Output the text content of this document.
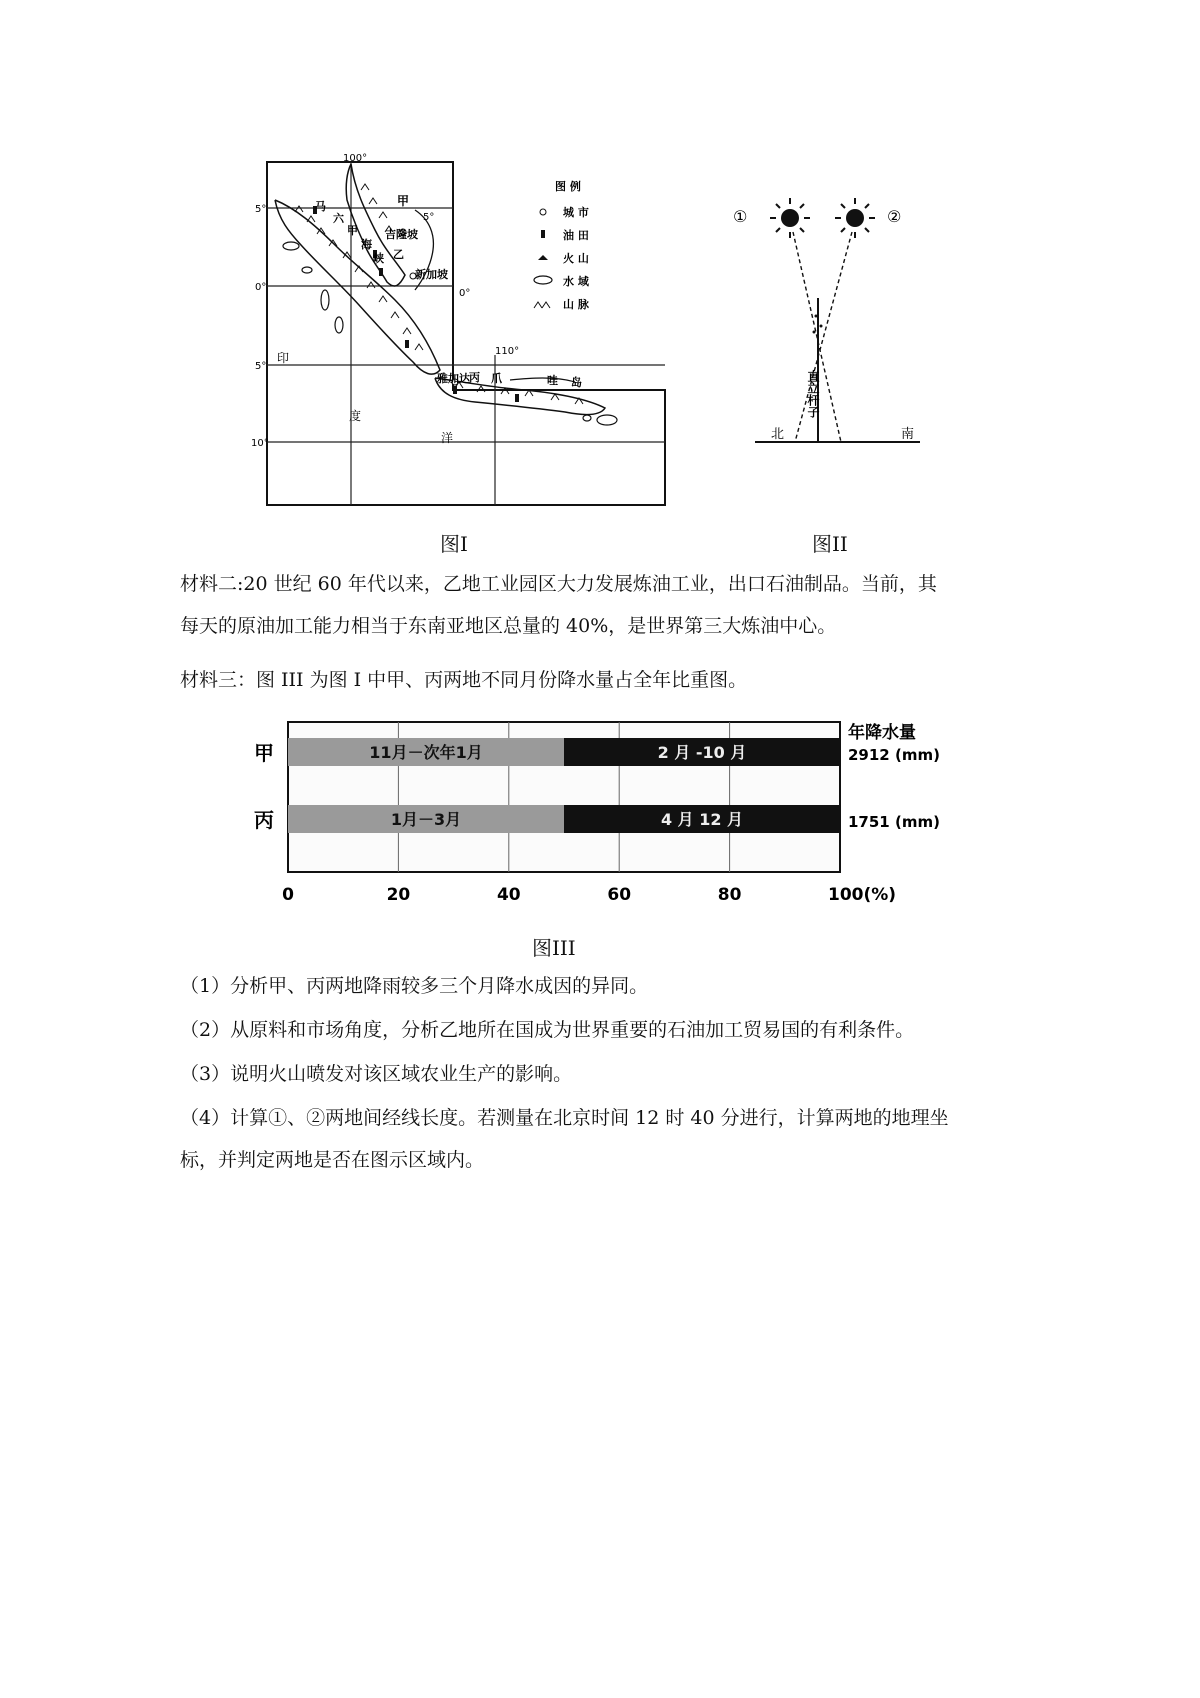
100°
110°
5°
5°
0°
0°
5°
10°
甲
马
六
甲
海
峡 乙
吉隆坡
新加坡
雅加达 丙 爪	哇 岛
印
度
洋
图 例
城 市
油 田
火 山
水 域
山 脉
图I
①	②
直立杆子
北	南
图II
材料二:20 世纪 60 年代以来，乙地工业园区大力发展炼油工业，出口石油制品。当前，其
每天的原油加工能力相当于东南亚地区总量的 40%，是世界第三大炼油中心。
材料三：图 III 为图 I 中甲、丙两地不同月份降水量占全年比重图。
11月－次年1月	2 月 -10 月
1月－3月	4 月 12 月
甲
丙
2912 (mm)
1751 (mm)
0	20	40	60	80	100(%)
年降水量
图III
（1）分析甲、丙两地降雨较多三个月降水成因的异同。
（2）从原料和市场角度，分析乙地所在国成为世界重要的石油加工贸易国的有利条件。
（3）说明火山喷发对该区域农业生产的影响。
（4）计算①、②两地间经线长度。若测量在北京时间 12 时 40 分进行，计算两地的地理坐
标，并判定两地是否在图示区域内。
